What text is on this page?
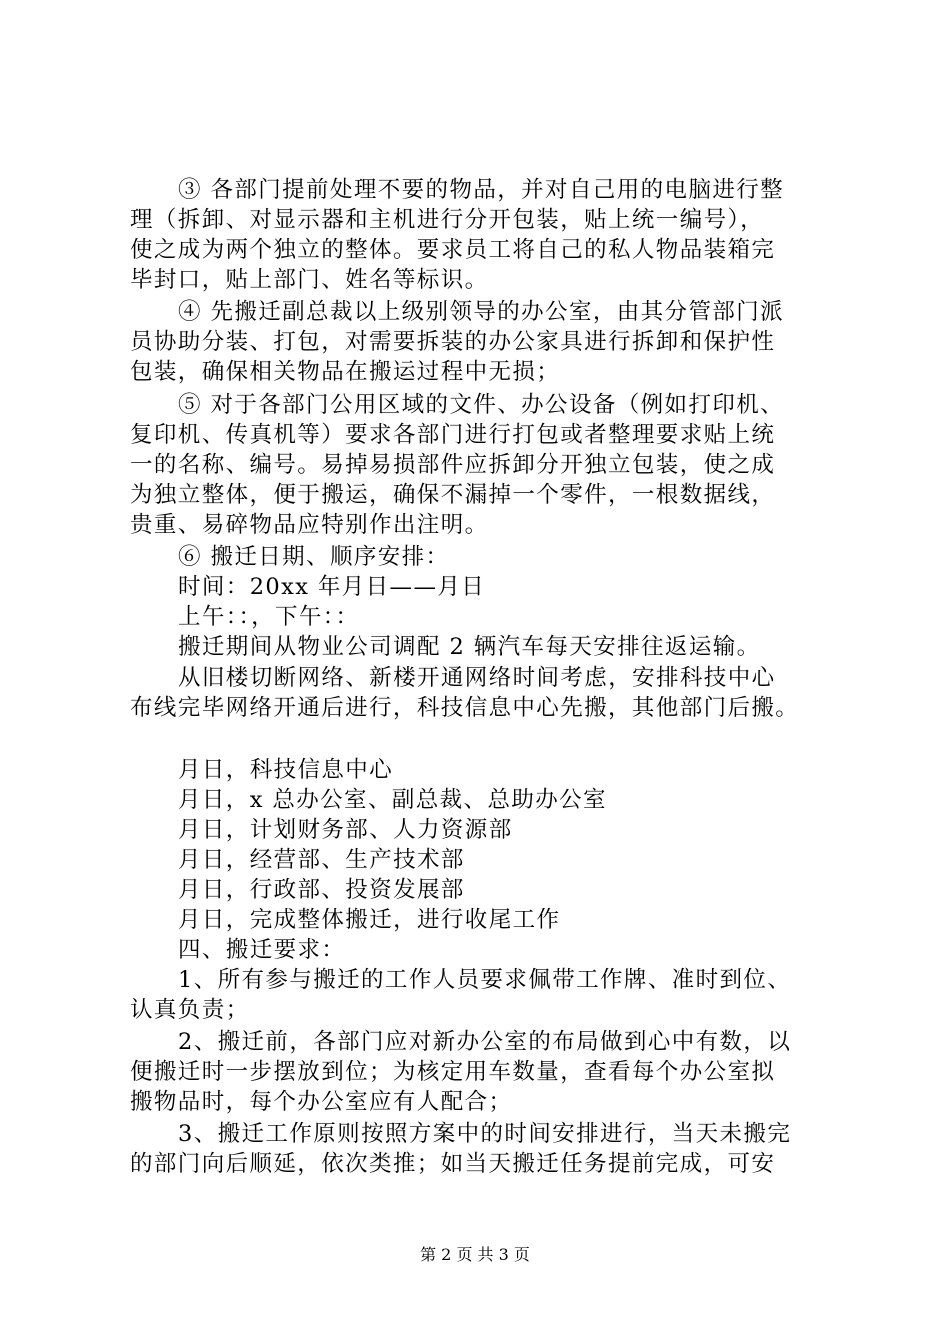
③ 各部门提前处理不要的物品，并对自己用的电脑进行整
理（拆卸、对显示器和主机进行分开包装，贴上统一编号），
使之成为两个独立的整体。要求员工将自己的私人物品装箱完
毕封口，贴上部门、姓名等标识。
④ 先搬迁副总裁以上级别领导的办公室，由其分管部门派
员协助分装、打包，对需要拆装的办公家具进行拆卸和保护性
包装，确保相关物品在搬运过程中无损；
⑤ 对于各部门公用区域的文件、办公设备（例如打印机、
复印机、传真机等）要求各部门进行打包或者整理要求贴上统
一的名称、编号。易掉易损部件应拆卸分开独立包装，使之成
为独立整体，便于搬运，确保不漏掉一个零件，一根数据线，
贵重、易碎物品应特别作出注明。
⑥ 搬迁日期、顺序安排：
时间：20xx 年月日——月日
上午：：，下午：：
搬迁期间从物业公司调配 2 辆汽车每天安排往返运输。
从旧楼切断网络、新楼开通网络时间考虑，安排科技中心
布线完毕网络开通后进行，科技信息中心先搬，其他部门后搬。
月日，科技信息中心
月日，x 总办公室、副总裁、总助办公室
月日，计划财务部、人力资源部
月日，经营部、生产技术部
月日，行政部、投资发展部
月日，完成整体搬迁，进行收尾工作
四、搬迁要求：
1、所有参与搬迁的工作人员要求佩带工作牌、准时到位、
认真负责；
2、搬迁前，各部门应对新办公室的布局做到心中有数，以
便搬迁时一步摆放到位；为核定用车数量，查看每个办公室拟
搬物品时，每个办公室应有人配合；
3、搬迁工作原则按照方案中的时间安排进行，当天未搬完
的部门向后顺延，依次类推；如当天搬迁任务提前完成，可安
第 2 页 共 3 页
